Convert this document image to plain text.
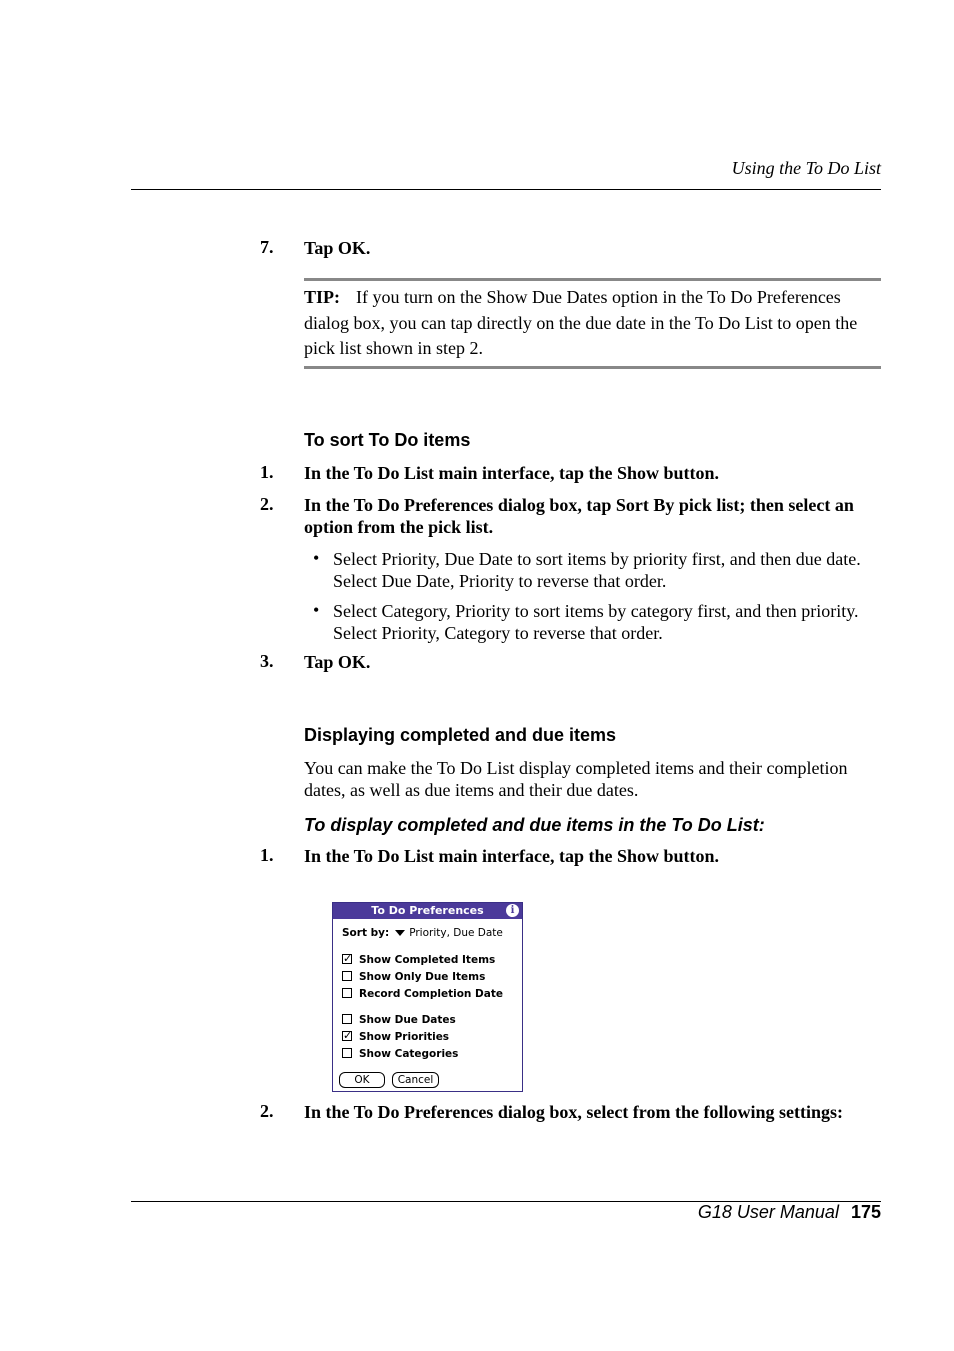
Using the To Do List
7. Tap OK.
TIP: If you turn on the Show Due Dates option in the To Do Preferences dialog box, you can tap directly on the due date in the To Do List to open the pick list shown in step 2.
To sort To Do items
1. In the To Do List main interface, tap the Show button.
2. In the To Do Preferences dialog box, tap Sort By pick list; then select an option from the pick list.
• Select Priority, Due Date to sort items by priority first, and then due date. Select Due Date, Priority to reverse that order.
• Select Category, Priority to sort items by category first, and then priority. Select Priority, Category to reverse that order.
3. Tap OK.
Displaying completed and due items
You can make the To Do List display completed items and their completion dates, as well as due items and their due dates.
To display completed and due items in the To Do List:
1. In the To Do List main interface, tap the Show button.
To Do Preferences	i
Sort by: Priority, Due Date
✓ Show Completed Items
Show Only Due Items
Record Completion Date
Show Due Dates
✓ Show Priorities
Show Categories
OK	Cancel
2. In the To Do Preferences dialog box, select from the following settings:
G18 User Manual 175
